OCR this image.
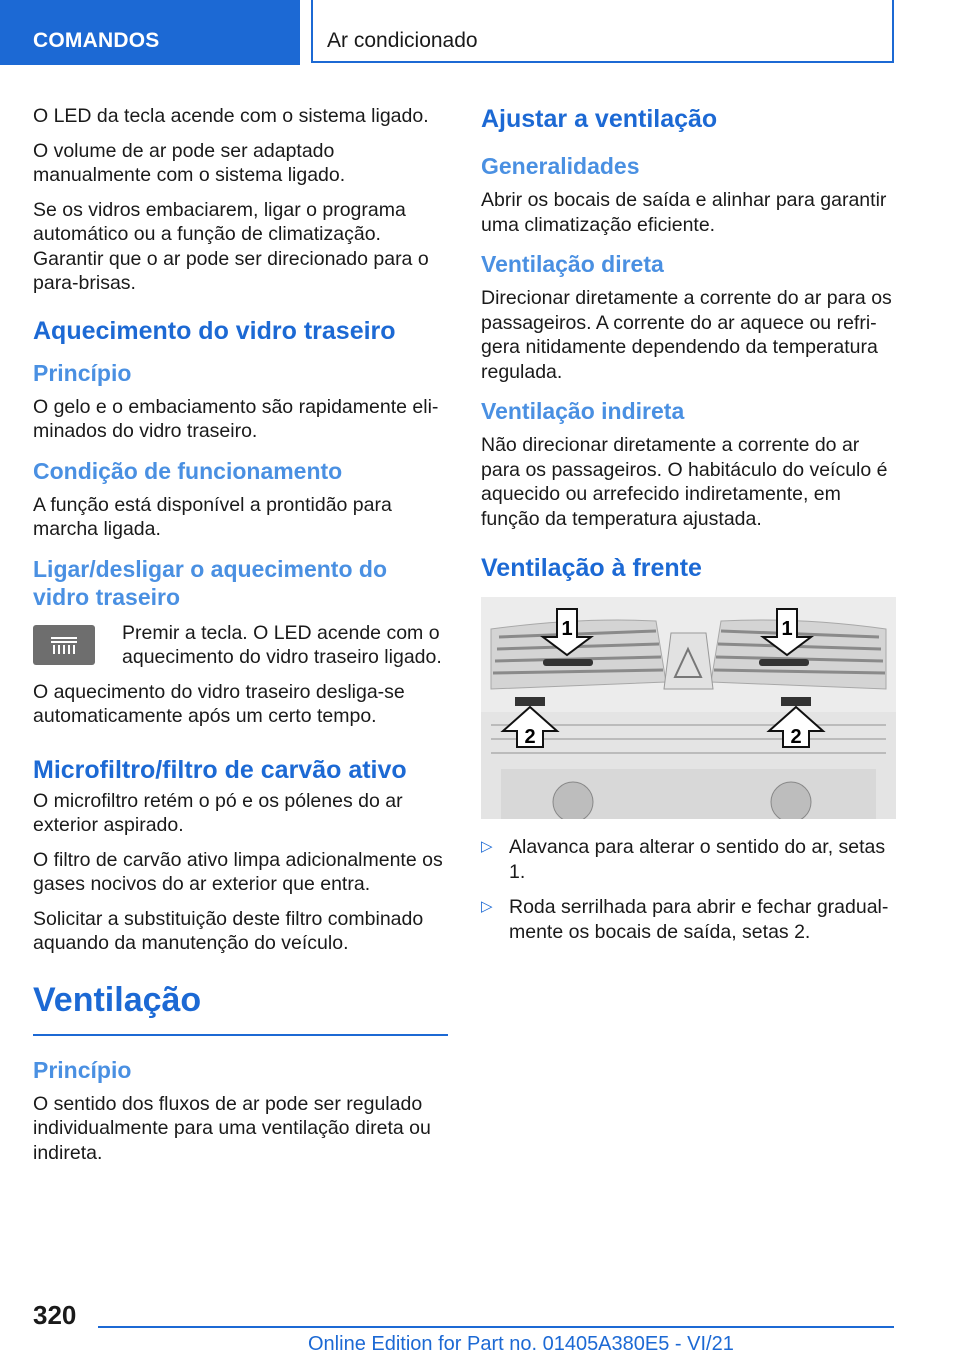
COMANDOS	Ar condicionado

O LED da tecla acende com o sistema ligado.

O volume de ar pode ser adaptado manualmente com o sistema ligado.

Se os vidros embaciarem, ligar o programa automático ou a função de climatização. Garantir que o ar pode ser direcionado para o para-brisas.

Aquecimento do vidro traseiro
Princípio

O gelo e o embaciamento são rapidamente eliminados do vidro traseiro.

Condição de funcionamento

A função está disponível a prontidão para marcha ligada.

Ligar/desligar o aquecimento do vidro traseiro

Premir a tecla. O LED acende com o aquecimento do vidro traseiro ligado.

O aquecimento do vidro traseiro desliga-se automaticamente após um certo tempo.

Microfiltro/filtro de carvão ativo

O microfiltro retém o pó e os pólenes do ar exterior aspirado.

O filtro de carvão ativo limpa adicionalmente os gases nocivos do ar exterior que entra.

Solicitar a substituição deste filtro combinado aquando da manutenção do veículo.

Ventilação
Princípio

O sentido dos fluxos de ar pode ser regulado individualmente para uma ventilação direta ou indireta.

Ajustar a ventilação
Generalidades

Abrir os bocais de saída e alinhar para garantir uma climatização eficiente.

Ventilação direta

Direcionar diretamente a corrente do ar para os passageiros. A corrente do ar aquece ou refrigera nitidamente dependendo da temperatura regulada.

Ventilação indireta

Não direcionar diretamente a corrente do ar para os passageiros. O habitáculo do veículo é aquecido ou arrefecido indiretamente, em função da temperatura ajustada.

Ventilação à frente
1	1
2	2
▷ Alavanca para alterar o sentido do ar, setas 1.
▷ Roda serrilhada para abrir e fechar gradualmente os bocais de saída, setas 2.
320
Online Edition for Part no. 01405A380E5 - VI/21
